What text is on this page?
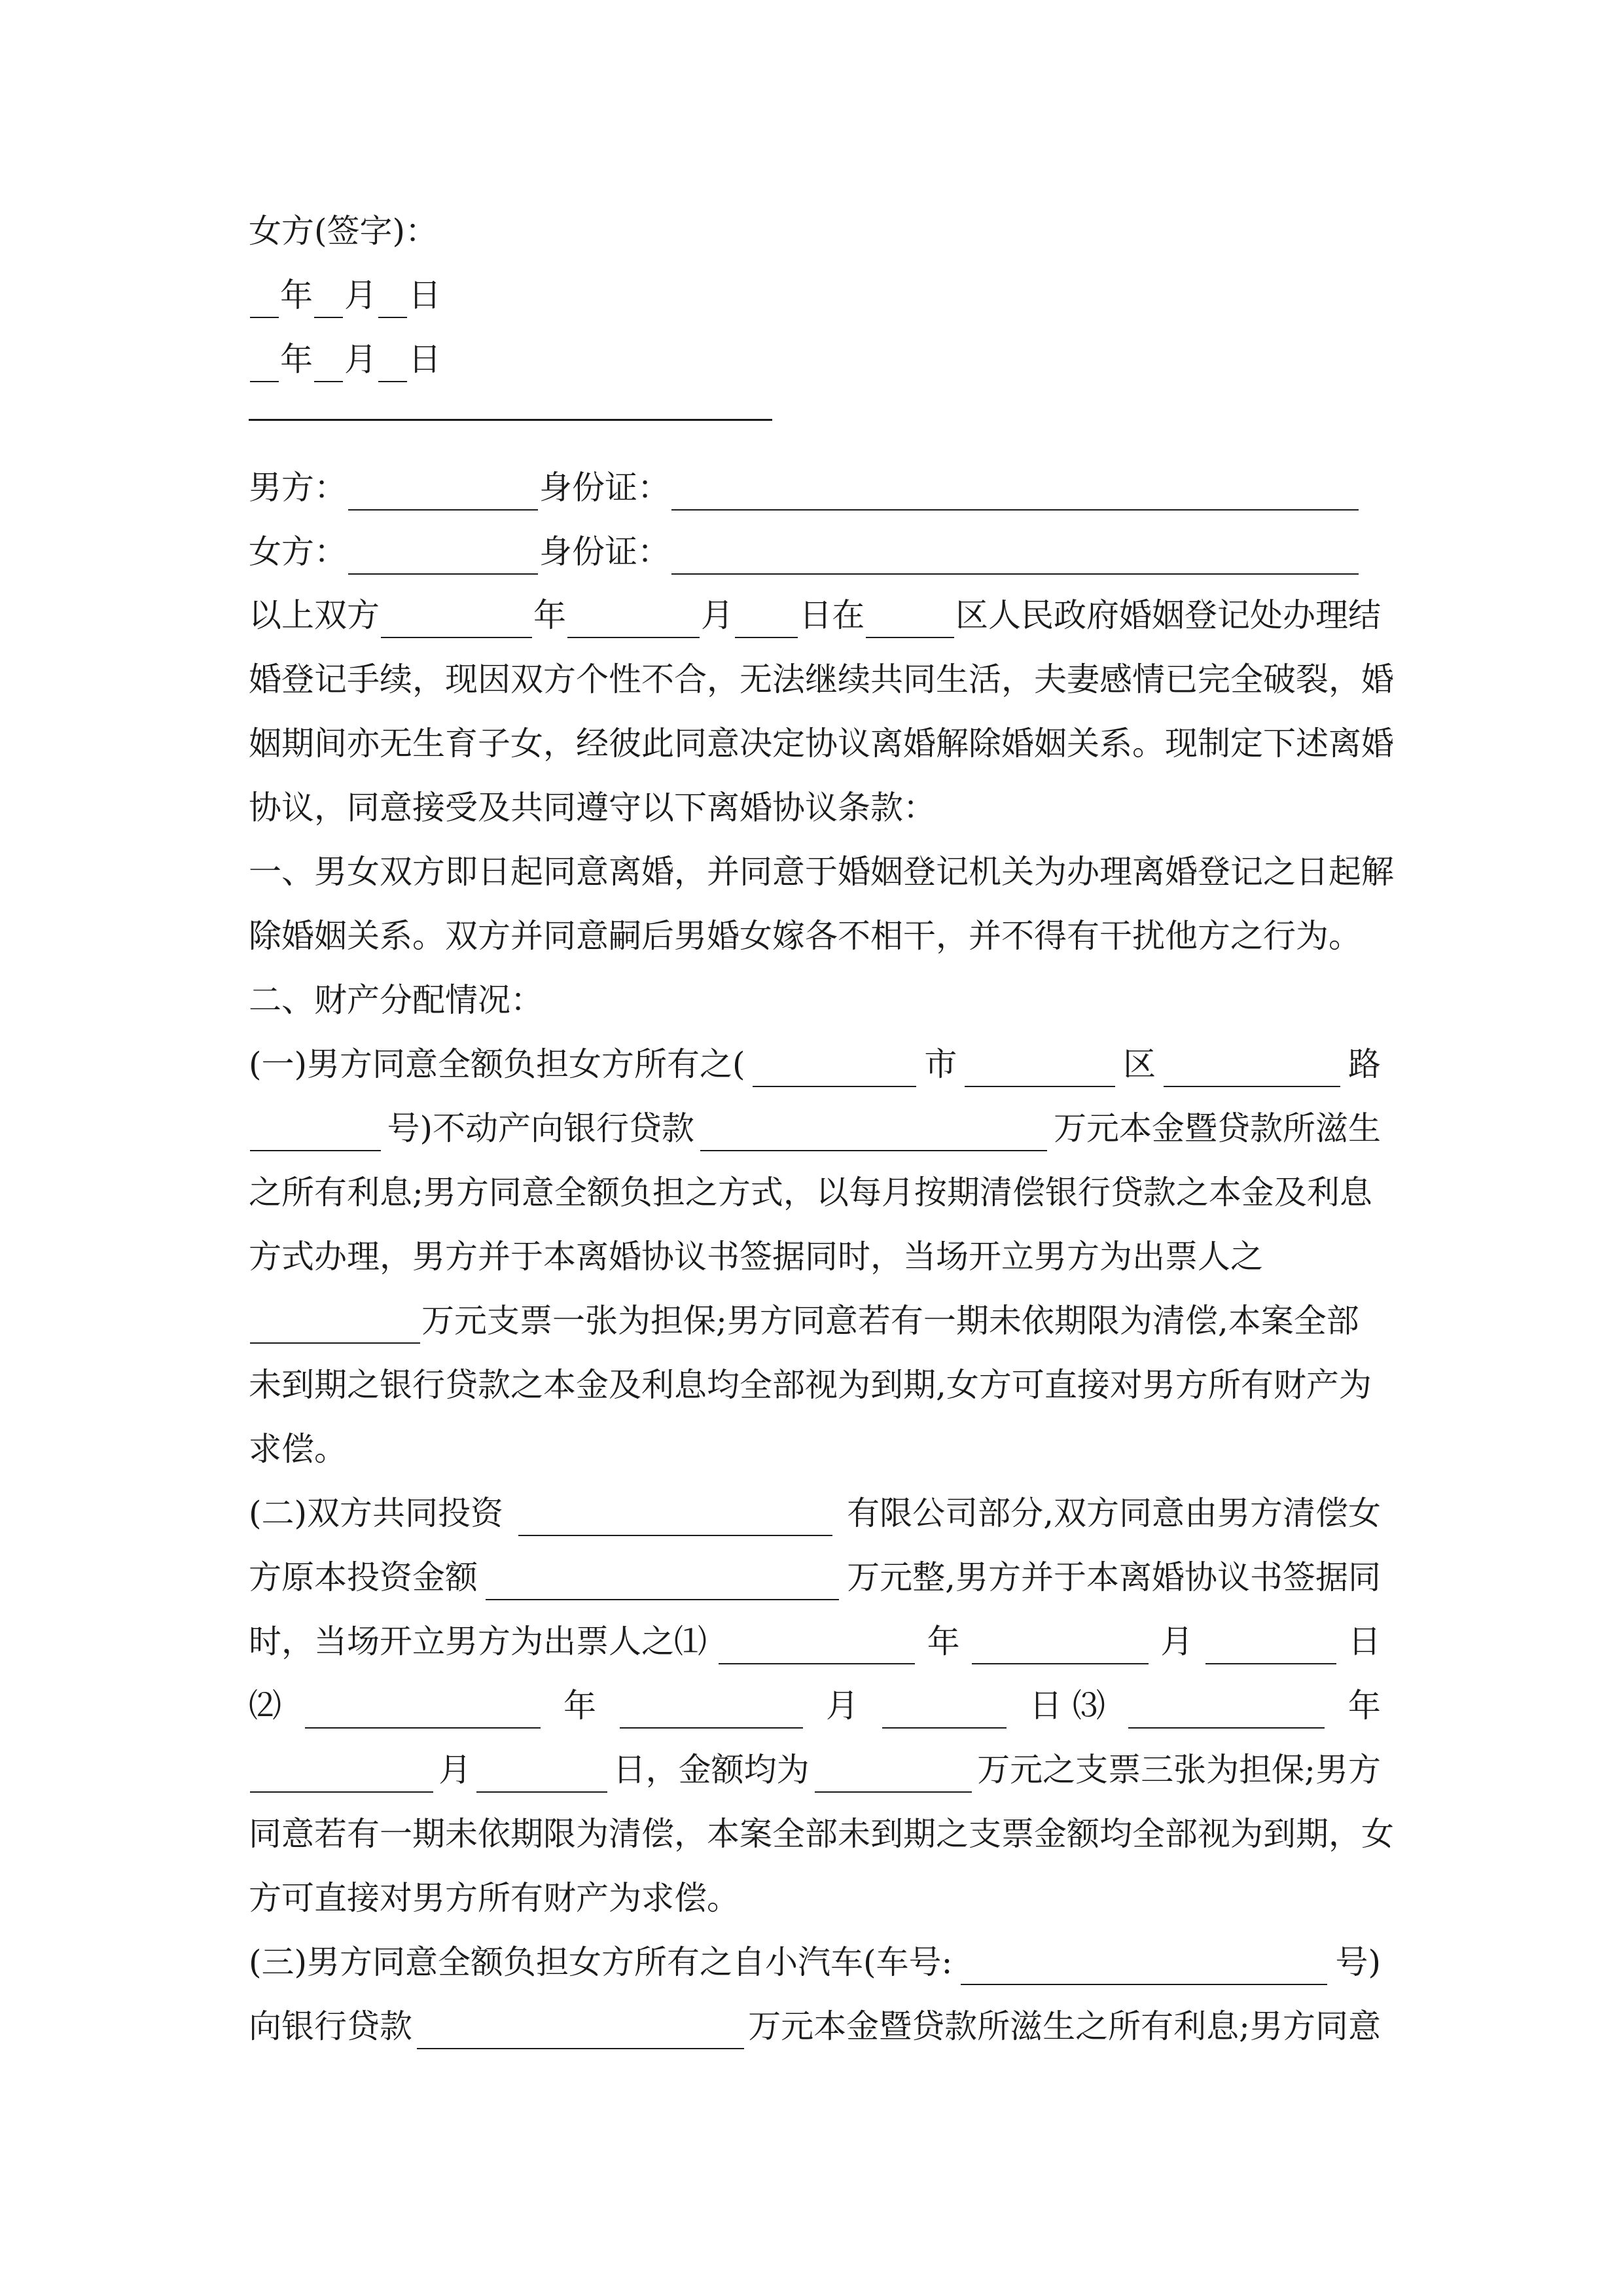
女方(签字)：
年 月 日
年 月 日
男方：	身份证：
女方：	身份证：
以上双方	年	月 日在	区人民政府婚姻登记处办理结
婚登记手续，现因双方个性不合，无法继续共同生活，夫妻感情已完全破裂，婚
姻期间亦无生育子女，经彼此同意决定协议离婚解除婚姻关系。现制定下述离婚
协议，同意接受及共同遵守以下离婚协议条款：
一、男女双方即日起同意离婚，并同意于婚姻登记机关为办理离婚登记之日起解
除婚姻关系。双方并同意嗣后男婚女嫁各不相干，并不得有干扰他方之行为。
二、财产分配情况：
(一)男方同意全额负担女方所有之(	市	区	路
号)不动产向银行贷款	万元本金暨贷款所滋生
之所有利息;男方同意全额负担之方式，以每月按期清偿银行贷款之本金及利息
方式办理，男方并于本离婚协议书签据同时，当场开立男方为出票人之
万元支票一张为担保;男方同意若有一期未依期限为清偿,本案全部
未到期之银行贷款之本金及利息均全部视为到期,女方可直接对男方所有财产为
求偿。
(二)双方共同投资	有限公司部分,双方同意由男方清偿女
方原本投资金额	万元整,男方并于本离婚协议书签据同
时，当场开立男方为出票人之⑴	年	月	日
⑵	年	月	日 ⑶	年
月	日，金额均为	万元之支票三张为担保;男方
同意若有一期未依期限为清偿，本案全部未到期之支票金额均全部视为到期，女
方可直接对男方所有财产为求偿。
(三)男方同意全额负担女方所有之自小汽车(车号:	号)
向银行贷款	万元本金暨贷款所滋生之所有利息;男方同意
